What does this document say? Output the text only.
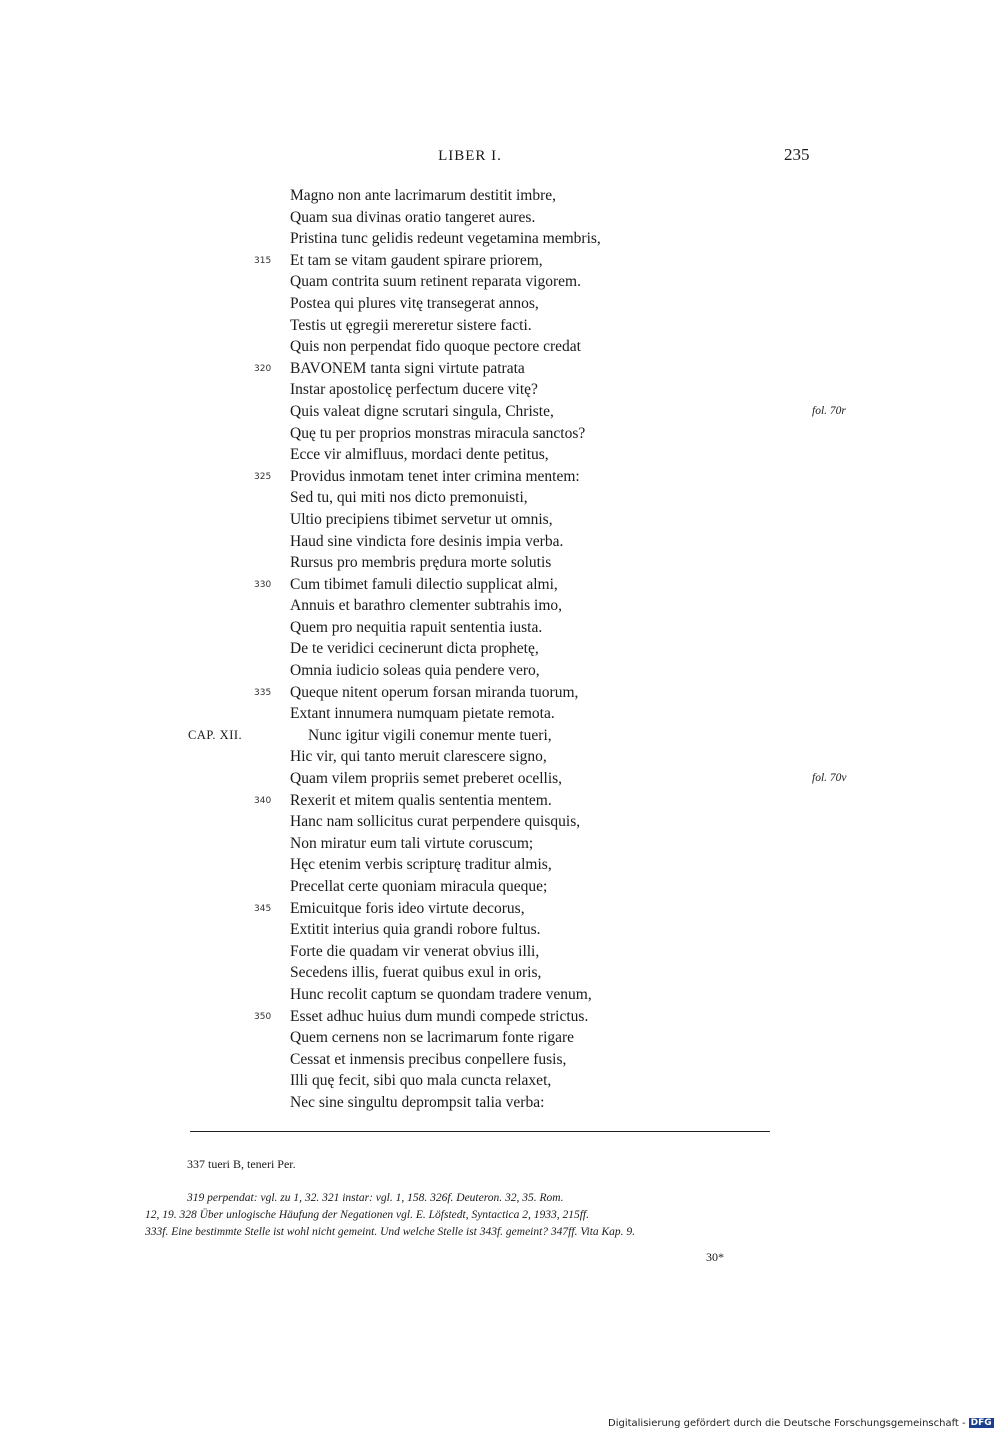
LIBER I.	235
Magno non ante lacrimarum destitit imbre,
Quam sua divinas oratio tangeret aures.
Pristina tunc gelidis redeunt vegetamina membris,
315	Et tam se vitam gaudent spirare priorem,
Quam contrita suum retinent reparata vigorem.
Postea qui plures vitę transegerat annos,
Testis ut ęgregii mereretur sistere facti.
Quis non perpendat fido quoque pectore credat
320	BAVONEM tanta signi virtute patrata
Instar apostolicę perfectum ducere vitę?
Quis valeat digne scrutari singula, Christe,	fol. 70r
Quę tu per proprios monstras miracula sanctos?
Ecce vir almifluus, mordaci dente petitus,
325	Providus inmotam tenet inter crimina mentem:
Sed tu, qui miti nos dicto premonuisti,
Ultio precipiens tibimet servetur ut omnis,
Haud sine vindicta fore desinis impia verba.
Rursus pro membris prędura morte solutis
330	Cum tibimet famuli dilectio supplicat almi,
Annuis et barathro clementer subtrahis imo,
Quem pro nequitia rapuit sententia iusta.
De te veridici cecinerunt dicta prophetę,
Omnia iudicio soleas quia pendere vero,
335	Queque nitent operum forsan miranda tuorum,
Extant innumera numquam pietate remota.
CAP. XII.	Nunc igitur vigili conemur mente tueri,
Hic vir, qui tanto meruit clarescere signo,
Quam vilem propriis semet preberet ocellis,	fol. 70v
340	Rexerit et mitem qualis sententia mentem.
Hanc nam sollicitus curat perpendere quisquis,
Non miratur eum tali virtute coruscum;
Hęc etenim verbis scripturę traditur almis,
Precellat certe quoniam miracula queque;
345	Emicuitque foris ideo virtute decorus,
Extitit interius quia grandi robore fultus.
Forte die quadam vir venerat obvius illi,
Secedens illis, fuerat quibus exul in oris,
Hunc recolit captum se quondam tradere venum,
350	Esset adhuc huius dum mundi compede strictus.
Quem cernens non se lacrimarum fonte rigare
Cessat et inmensis precibus conpellere fusis,
Illi quę fecit, sibi quo mala cuncta relaxet,
Nec sine singultu deprompsit talia verba:
337 tueri B, teneri Per.
319 perpendat: vgl. zu 1, 32. 321 instar: vgl. 1, 158. 326f. Deuteron. 32, 35. Rom.
12, 19. 328 Über unlogische Häufung der Negationen vgl. E. Löfstedt, Syntactica 2, 1933, 215ff.
333f. Eine bestimmte Stelle ist wohl nicht gemeint. Und welche Stelle ist 343f. gemeint? 347ff. Vita Kap. 9.
30*
Digitalisierung gefördert durch die Deutsche Forschungsgemeinschaft - DFG
